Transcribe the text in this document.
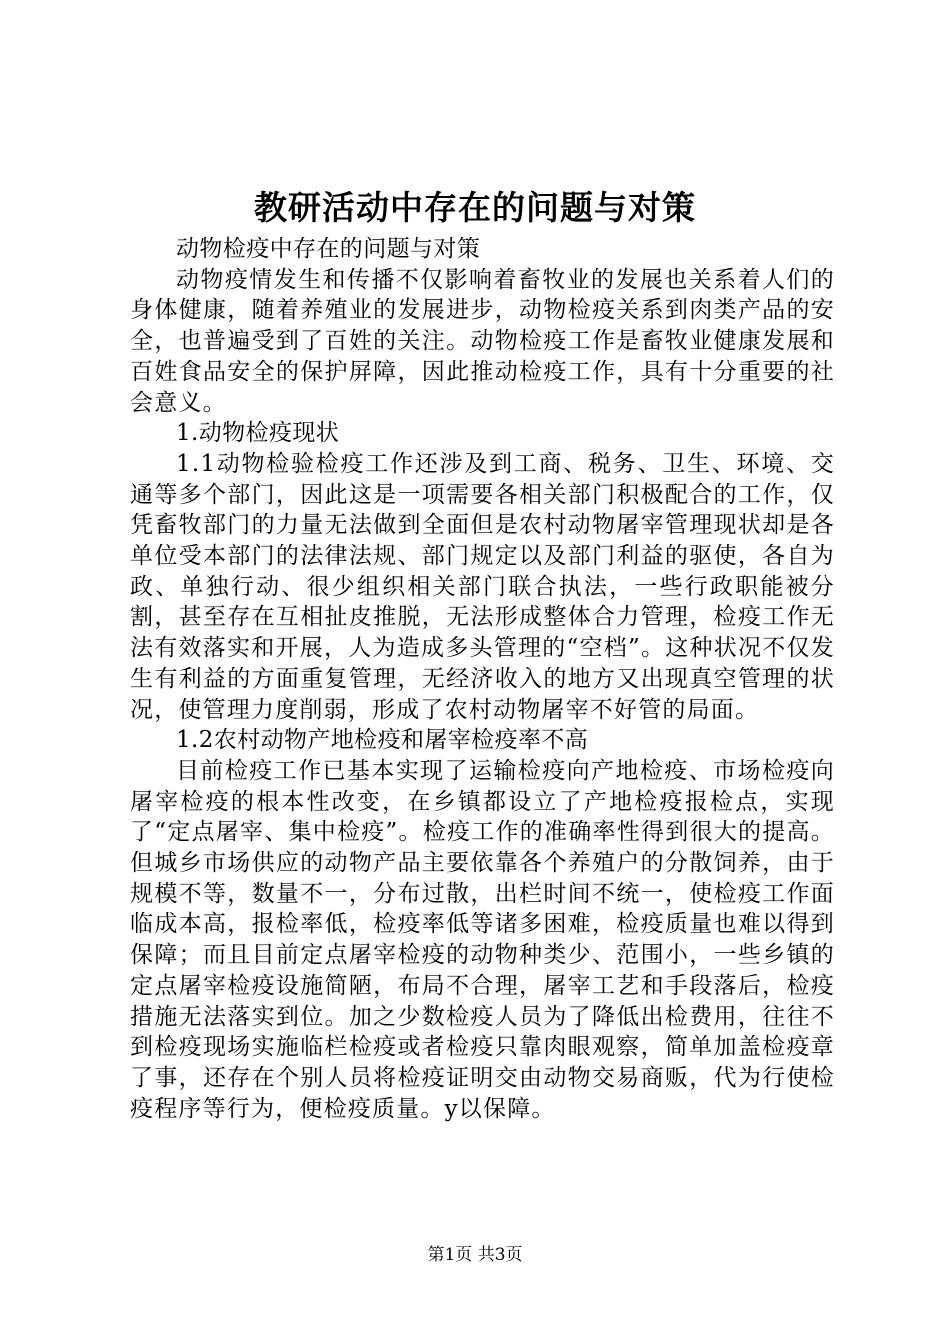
教研活动中存在的问题与对策

动物检疫中存在的问题与对策

动物疫情发生和传播不仅影响着畜牧业的发展也关系着人们的身体健康，随着养殖业的发展进步，动物检疫关系到肉类产品的安全，也普遍受到了百姓的关注。动物检疫工作是畜牧业健康发展和百姓食品安全的保护屏障，因此推动检疫工作，具有十分重要的社会意义。

1.动物检疫现状

1.1动物检验检疫工作还涉及到工商、税务、卫生、环境、交通等多个部门，因此这是一项需要各相关部门积极配合的工作，仅凭畜牧部门的力量无法做到全面但是农村动物屠宰管理现状却是各单位受本部门的法律法规、部门规定以及部门利益的驱使，各自为政、单独行动、很少组织相关部门联合执法，一些行政职能被分割，甚至存在互相扯皮推脱，无法形成整体合力管理，检疫工作无法有效落实和开展，人为造成多头管理的“空档”。这种状况不仅发生有利益的方面重复管理，无经济收入的地方又出现真空管理的状况，使管理力度削弱，形成了农村动物屠宰不好管的局面。

1.2农村动物产地检疫和屠宰检疫率不高

目前检疫工作已基本实现了运输检疫向产地检疫、市场检疫向屠宰检疫的根本性改变，在乡镇都设立了产地检疫报检点，实现了“定点屠宰、集中检疫”。检疫工作的准确率性得到很大的提高。但城乡市场供应的动物产品主要依靠各个养殖户的分散饲养，由于规模不等，数量不一，分布过散，出栏时间不统一，使检疫工作面临成本高，报检率低，检疫率低等诸多困难，检疫质量也难以得到保障；而且目前定点屠宰检疫的动物种类少、范围小，一些乡镇的定点屠宰检疫设施简陋，布局不合理，屠宰工艺和手段落后，检疫措施无法落实到位。加之少数检疫人员为了降低出检费用，往往不到检疫现场实施临栏检疫或者检疫只靠肉眼观察，简单加盖检疫章了事，还存在个别人员将检疫证明交由动物交易商贩，代为行使检疫程序等行为，便检疫质量。y以保障。

第1页 共3页
